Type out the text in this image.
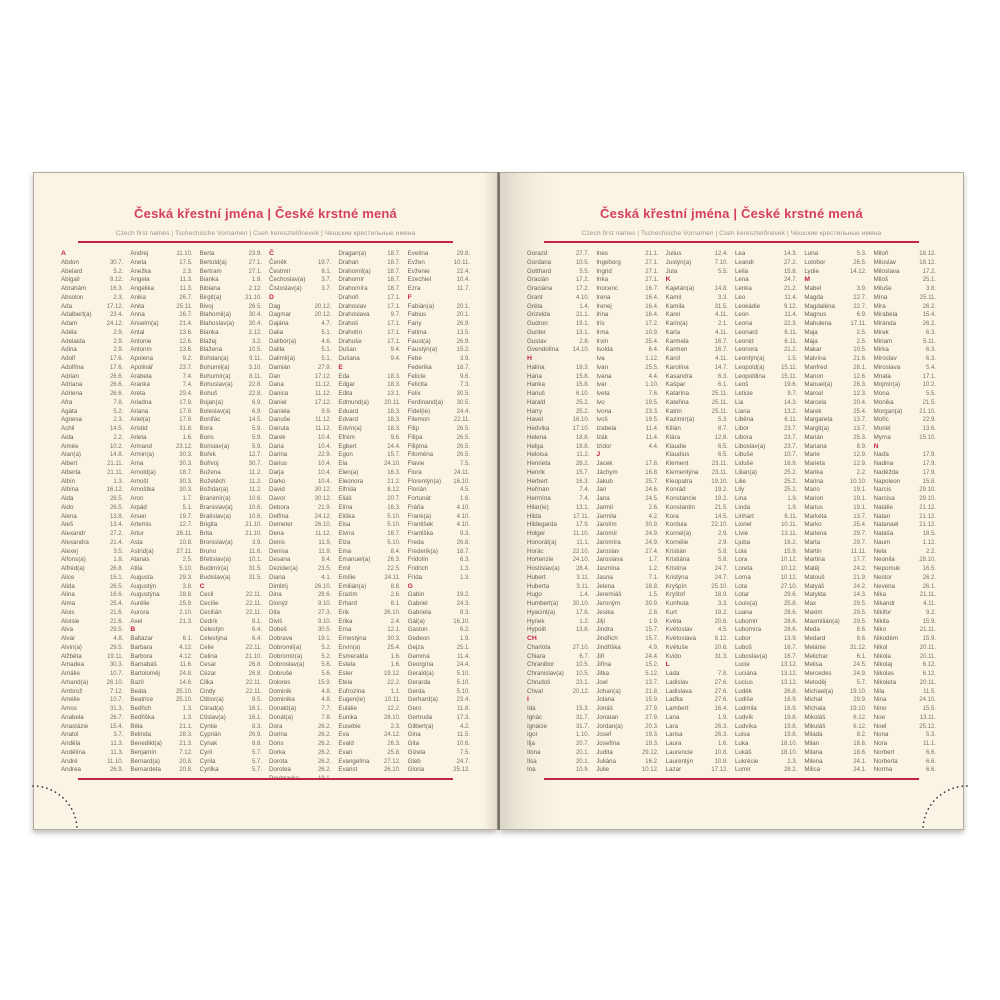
Česká křestní jména | České krstné mená
Czech first names | Tschechische Vornamen | Cseh keresztelőnevek | Чешские крестильные имена
A
Abdon	30.7.
Abelard	5.2.
Abigail	8.12.
Abrahám	16.3.
Absolon	2.3.
Ada	17.12.
Adalbert(a)	23.4.
Adam	24.12.
Adéla	2.9.
Adelaida	2.9.
Adina	2.9.
Adolf	17.6.
Adolfína	17.6.
Adrian	26.6.
Adriana	26.6.
Adriena	26.6.
Afra	7.8.
Agáta	5.2.
Agnesa	2.3.
Achil	14.5.
Aida	2.2.
Aimée	10.2.
Alan(a)	14.8.
Albert	21.11.
Alberta	21.11.
Albín	1.3.
Albína	16.12.
Alda	26.5.
Aldo	26.5.
Alena	13.8.
Aleš	13.4.
Alexandr	27.2.
Alexandra	21.4.
Alexej	3.5.
Alfons(a)	1.8.
Alfréd(a)	26.8.
Alice	15.1.
Alida	26.5.
Alina	16.6.
Alma	25.4.
Alois	21.6.
Aloisie	21.6.
Alva	29.5.
Alvar	4.8.
Alvin(a)	29.5.
Alžběta	19.11.
Amadea	30.3.
Amálie	10.7.
Amand(a)	26.10.
Ambrož	7.12.
Amélie	10.7.
Amos	31.3.
Anabela	26.7.
Anastázie	15.4.
Anatol	3.7.
Anděla	11.3.
Andělína	11.3.
André	11.10.
Andrea	26.9.
Andrej	11.10.
Aneta	17.5.
Anežka	2.3.
Angela	11.3.
Angelika	11.3.
Anika	26.7.
Anita	25.11.
Anna	26.7.
Anselm(a)	21.4.
Antal	13.6.
Antonie	12.6.
Antonín	13.6.
Apolena	9.2.
Apolinář	23.7.
Arabela	7.4.
Aranka	7.4.
Areta	29.4.
Ariadna	17.9.
Ariana	17.9.
Ariel(a)	17.9.
Aristid	31.8.
Arleta	1.6.
Armand	23.12.
Armin(a)	30.3.
Arna	30.3.
Arnold(a)	18.7.
Arnošt	30.3.
Arnoštka	30.3.
Aron	1.7.
Arpád	5.1.
Arsen	19.7.
Artemis	12.7.
Artur	26.11.
Asta	10.8.
Astrid(a)	27.11.
Atanas	2.5.
Atila	5.10.
Augusta	29.3.
Augustýn	3.8.
Augustýna	28.8.
Aurélie	25.9.
Aurora	2.10.
Axel	21.3.
B
Baltazar	6.1.
Barbara	4.12.
Barbora	4.12.
Barnabáš	11.6.
Bartoloměj	24.8.
Bazil	14.6.
Beáta	25.10.
Beatrice	25.10.
Bedřich	1.3.
Bedřiška	1.3.
Běla	21.1.
Belinda	28.3.
Benedikt(a)	21.3.
Benjamín	7.12.
Bernard(a)	20.8.
Bernardeta	20.8.
Berta	23.9.
Bertold(a)	27.1.
Bertram	27.1.
Bianka	1.9.
Bibiana	2.12.
Birgit(a)	21.10.
Bivoj	26.5.
Blahomil(a)	30.4.
Blahoslav(a) 30.4.
Blanka	2.12.
Blažej	3.2.
Blažena	10.5.
Bohdan(a)	9.11.
Bohumil(a)	3.10.
Bohumír(a)	8.11.
Bohuslav(a)	22.8.
Bohuš	22.8.
Bojan(a)	6.9.
Boleslav(a)	6.9.
Bonifác	14.5.
Bora	5.9.
Boris	5.9.
Borislav(a)	5.9.
Bořek	12.7.
Bořivoj	30.7.
Božena	11.2.
Božetěch	11.2.
Božidar(a)	11.2.
Branimír(a)	10.6.
Branislav(a)	10.6.
Bratislav(a)	10.6.
Brigita	21.10.
Brita	21.10.
Bronislav(a)	3.9.
Bruno	11.6.
Břetislav(a)	10.1.
Budimír(a)	31.5.
Budislav(a)	31.5.
C
Cecil	22.11.
Cecílie	22.11.
Cecilián	22.11.
Cedrik	8.1.
Celestýn	6.4.
Celestýna	6.4.
Celie	22.11.
Celina	21.10.
Cesar	26.8.
Cézar	26.8.
Cilka	22.11.
Cindy	22.11.
Ctibor(a)	9.5.
Ctirad(a)	16.1.
Ctislav(a)	16.1.
Cyntie	8.3.
Cyprián	26.9.
Cyriak	8.8.
Cyril	5.7.
Cyrila	5.7.
Cyrilka	5.7.
Č
Čeněk	19.7.
Čestmír	8.1.
Čechoslav(a)	3.7.
Čistoslav(a)	3.7.
D
Dag	20.12.
Dagmar	20.12.
Dajána	4.7.
Dalia	5.1.
Dalibor(a)	4.6.
Dalila	5.1.
Dalimil(a)	5.1.
Damián	27.9.
Dan	17.12.
Dana	11.12.
Danica	11.12.
Daniel	17.12.
Daniela	9.9.
Danuše	11.12.
Danuta	11.12.
Darek	10.4.
Daria	10.4.
Darina	22.9.
Darius	10.4.
Darja	10.4.
Darko	10.4.
David	30.12.
Davor	30.12.
Debora	21.9.
Delfína	24.12.
Demeter	26.10.
Dena	11.12.
Denis	11.9.
Denisa	11.9.
Desana	9.4.
Dezider(a)	23.5.
Diana	4.1.
Dimitrij	26.10.
Dina	28.6.
Dionýz	9.10.
Dita	27.3.
Diviš	9.10.
Dobeš	30.5.
Dobrava	19.1.
Dobromil(a)	5.2.
Dobromír(a)	5.2.
Dobroslav(a)	5.6.
Dobruše	5.6.
Dolores	15.9.
Dominik	4.8.
Dominika	4.8.
Donald(a)	7.7.
Donát(a)	7.8.
Dora	26.2.
Dorina	26.2.
Doris	26.2.
Dorka	26.2.
Dorota	26.2.
Dorotea	26.2.
Dragan(a)	18.7.
Drahan	18.7.
Drahomil(a)	18.7.
Drahomír	18.7.
Drahomíra	18.7.
Drahoň	17.1.
Drahoslav	17.1.
Drahoslava	9.7.
Drahoš	17.1.
Drahotín	17.1.
Drahuše	17.1.
Dušan	9.4.
Dušana	9.4.
E
Eda	18.3.
Edgar	18.3.
Edita	13.1.
Edmund(a)	20.11.
Eduard	18.3.
Edvard	18.3.
Edvín(a)	18.3.
Efrém	9.6.
Egbert	24.4.
Egon	15.7.
Ela	24.10.
Elen(a)	16.3.
Eleonora	21.2.
Elfrída	8.12.
Eliáš	20.7.
Elína	16.3.
Eliška	5.10.
Elsa	5.10.
Elvíra	16.7.
Elza	5.10.
Ema	8.4.
Emanuel(a)	26.3.
Emil	22.5.
Emílie	24.11.
Emilián(a)	8.8.
Erazim	2.6.
Erhard	8.1.
Erik	26.10.
Erika	2.4.
Erna	12.1.
Ernestýna	30.3.
Ervín(a)	25.4.
Esmeralda	1.6.
Estela	1.6.
Ester	19.12.
Etela	22.2.
Eufrozína	1.1.
Eugen(ie)	10.11.
Eulálie	12.2.
Eunika	28.10.
Eusebie	2.3.
Eva	24.12.
Evald	26.3.
Evan	25.8.
Evangelína 27.12.
Evarist	26.10.
Evelína	29.8.
Evžen	10.11.
Evženie	22.4.
Ezechiel	10.4.
Ezra	11.7.
F
Fabián(a)	20.1.
Fabius	20.1.
Fany	26.9.
Fatima	13.5.
Faust(a)	26.9.
Faustýn(a)	15.2.
Febe	3.9.
Federika	18.7.
Felicie	9.6.
Felicita	7.3.
Felix	30.5.
Ferdinand(a) 30.5.
Fidel(ie)	24.4.
Filemon	22.11.
Filip	26.5.
Filipa	26.5.
Filipína	26.5.
Filoména	26.5.
Flavie	7.5.
Flora	24.11.
Florentýn(a) 16.10.
Florián	4.5.
Fortunát	1.6.
Fráňa	4.10.
Frank(a)	4.10.
František	4.10.
Františka	9.3.
Freda	26.8.
Frederik(a)	18.7.
Fridolín	6.3.
Fridrich	1.3.
Frída	1.3.
G
Gabin	19.2.
Gabriel	24.3.
Gabriela	8.3.
Gál(a)	16.10.
Gaston	6.2.
Gedeon	1.9.
Gejza	25.1.
Gemma	11.4.
Georgína	24.4.
Gerald(a)	5.10.
Gerarda	5.10.
Gerda	5.10.
Gerhard(a)	23.4.
Gero	11.8.
Gertruda	17.3.
Gilbert(a)	4.2.
Gina	11.5.
Gita	10.6.
Gizela	7.5.
Gleb	24.7.
Gloria	25.12.
Česká křestní jména | České krstné mená
Czech first names | Tschechische Vornamen | Cseh keresztelőnevek | Чешские крестильные имена
Gorazd	27.7.
Gordana	10.5.
Gotthard	5.5.
Gracián	17.2.
Graciána	17.2.
Grant	4.10.
Gréta	1.4.
Grizelda	21.1.
Gudrun	19.1.
Gunter	13.1.
Gustav	2.8.
Gvendolína 14.10.
H
Halina	19.3.
Hana	15.8.
Hanka	15.8.
Hanuš	6.10.
Harald	25.2.
Harry	25.2.
Havel	16.10.
Hedvika	17.10.
Helena	18.8.
Helga	18.8.
Heloisa	11.2.
Henrieta	28.2.
Henrik	15.7.
Herbert	16.3.
Heřman	7.4.
Hermína	7.4.
Hilar(ie)	13.1.
Hilda	17.11.
Hildegarda	17.9.
Holger	11.10.
Honorát(a)	11.1.
Horác	22.10.
Hortenzie	24.10.
Hostislav(a)	28.4.
Hubert	3.11.
Huberta	3.11.
Hugo	1.4.
Humbert(a) 30.10.
Hyacint(a)	17.8.
Hynek	1.2.
Hypolit	13.8.
CH
Charlota	27.10.
Chiara	6.7.
Chranibor	10.5.
Chranislav(a) 10.5.
Chrudoš	23.1.
Chval	20.12.
I
Ida	15.3.
Ignác	31.7.
Ignácie	31.7.
Igor	1.10.
Ilja	20.7.
Ilona	20.1.
Ilsa	20.1.
Ina	10.9.
Ines	21.1.
Ingeborg	27.1.
Ingrid	27.1.
Inka	27.1.
Inocenc	16.7.
Irena	16.4.
Irenej	16.4.
Irina	16.4.
Iris	17.2.
Irma	10.9.
Irvin	25.4.
Isolda	6.4.
Iva	1.12.
Ivan	25.5.
Ivana	4.4.
Ivar	1.10.
Iveta	7.6.
Ivo	19.5.
Ivona	23.3.
Ivoš	19.5.
Izabela	11.4.
Izák	11.4.
Izidor	4.4.
J
Jacek	17.8.
Jáchym	16.8.
Jakub	25.7.
Jan	24.6.
Jana	24.5.
Jarmil	2.6.
Jarmila	4.2.
Jarolím	30.9.
Jaromír	24.9.
Jaromíra	24.9.
Jaroslav	27.4.
Jaroslava	1.7.
Jasmína	1.2.
Jasna	7.1.
Jelena	18.8.
Jeremiáš	1.5.
Jeroným	30.9.
Jesika	2.8.
Jiljí	1.9.
Jindra	15.7.
Jindřich	15.7.
Jindřiška	4.9.
Jiří	24.4.
Jiřina	15.2.
Jitka	5.12.
Joel	13.7.
Johan(a)	21.8.
Jolana	15.9.
Jonáš	27.9.
Jonatan	27.9.
Jordan(a)	20.3.
Josef	19.3.
Josefína	19.3.
Judita	29.12.
Juliána	16.2.
Julie	10.12.
Julius	12.4.
Justýn(a)	7.10.
Juta	5.5.
K
Kajetán(a)	14.8.
Kamil	3.3.
Kamila	31.5.
Karel	4.11.
Karin(a)	2.1.
Karla	4.11.
Karmela	16.7.
Karmen	16.7.
Karol	4.11.
Karolína	14.7.
Kasandra	6.3.
Kašpar	6.1.
Katarína	25.11.
Kateřina	25.11.
Katrin	25.11.
Kazimír(a)	5.3.
Kilián	8.7.
Klára	12.8.
Klaudie	6.5.
Klaudius	6.5.
Klement	23.11.
Klementýna 23.11.
Kleopatra	19.10.
Konrád	19.2.
Konstancie	19.2.
Konstantin	21.5.
Kora	14.5.
Kordula	22.10.
Kornel(a)	2.9.
Kornélie	2.9.
Kristián	5.8.
Kristiána	5.8.
Kristina	24.7.
Kristýna	24.7.
Kryšpín	25.10.
Kryštof	18.9.
Kunhuta	3.3.
Kurt	19.2.
Květa	20.6.
Květoslav	4.5.
Květoslava	8.12.
Květuše	20.6.
Kvido	31.3.
L
Lada	7.8.
Ladislav	27.6.
Ladislava	27.6.
Laďka	27.6.
Lambert	16.4.
Lana	1.9.
Lara	26.3.
Larisa	26.3.
Laura	1.6.
Laurencie	10.8.
Laurentýn	10.8.
Lazar	17.12.
Lea	14.3.
Leandr	27.2.
Leila	15.8.
Lena	24.7.
Lenka	21.2.
Leo	11.4.
Leokádie	9.12.
Leon	11.4.
Leona	22.3.
Leonard	6.11.
Leonid	6.11.
Leonora	21.2.
Leontýn(a)	1.5.
Leopold(a)	15.11.
Leopoldina	15.11.
Leoš	19.6.
Leticie	9.7.
Lia	14.3.
Liana	13.2.
Liběna	6.11.
Libor	23.7.
Libora	23.7.
Liboslav(a)	23.7.
Libuše	10.7.
Liduše	16.9.
Lilian(a)	25.2.
Lilie	25.2.
Lily	25.2.
Lina	1.9.
Linda	1.9.
Linhart	6.11.
Lionel	10.11.
Lívie	13.11.
Ljuba	16.2.
Lola	15.9.
Lora	10.12.
Loreta	10.12.
Lorna	10.12.
Lota	27.10.
Lotar	29.6.
Louis(a)	25.8.
Luana	28.6.
Lubomír	28.6.
Lubomíra	28.6.
Lubor	13.9.
Luboš	16.7.
Luboslav(a)	16.7.
Lucie	13.12.
Luciána	13.12.
Lucius	13.12.
Luděk	26.8.
Ludiše	16.9.
Ludmila	16.9.
Ludvík	19.8.
Ludvíka	19.8.
Luisa	19.8.
Luka	18.10.
Lukáš	18.10.
Lukrécie	2.3.
Lumír	28.2.
Luna	5.3.
Lutobor	26.5.
Lydie	14.12.
M
Mabel	3.9.
Magda	22.7.
Magdaléna	22.7.
Magnus	6.9.
Mahulena	17.11.
Maja	2.5.
Mája	2.5.
Makar	10.5.
Malvína	21.6.
Manfred	28.1.
Manon	12.6.
Manuel(a)	26.3.
Marcel	12.3.
Marcela	20.4.
Marek	25.4.
Margareta	13.7.
Margit(a)	13.7.
Marián	25.3.
Mariana	8.9.
Marie	12.9.
Marieta	12.9.
Marika	2.2.
Marina	10.10.
Mario	19.1.
Marion	19.1.
Marius	19.1.
Markéta	13.7.
Marko	25.4.
Marlena	29.7.
Marta	29.7.
Martin	11.11.
Martina	17.7.
Matěj	24.2.
Matouš	21.9.
Matyáš	24.2.
Matylda	14.3.
Max	29.5.
Maxim	29.5.
Maxmilián(a) 29.5.
Meda	8.6.
Medard	8.6.
Melánie	31.12.
Melichar	6.1.
Melisa	24.5.
Mercedes	24.9.
Metoděj	5.7.
Michael(a)	19.10.
Michal	29.9.
Michala	19.10.
Mikoláš	6.12.
Mikuláš	6.12.
Milada	8.2.
Milan	18.6.
Milana	18.6.
Milena	24.1.
Milica	24.1.
Miloň	18.12.
Miloslav	18.12.
Miloslava	17.2.
Miloš	25.1.
Miluše	3.8.
Mína	25.11.
Mira	26.2.
Mirabela	15.4.
Miranda	26.2.
Mirek	6.3.
Miriam	5.11.
Mirka	6.3.
Miroslav	6.3.
Miroslava	5.4.
Mnata	17.1.
Mojmír(a)	10.2.
Mona	5.5.
Monika	21.5.
Morgan(a)	21.10.
Mořic	22.9.
Muriel	13.6.
Myrna	15.10.
N
Naďa	17.9.
Nadina	17.9.
Naděžda	17.9.
Napoleon	15.8.
Narcis	29.10.
Narcisa	29.10.
Natálie	21.12.
Natan	21.12.
Natanael	21.12.
Nataša	18.5.
Naum	1.12.
Nela	2.2.
Neonila	28.10.
Nepomuk	16.5.
Nestor	26.2.
Nevena	26.1.
Nika	21.11.
Nikandr	4.11.
Nikifor	9.2.
Nikita	15.9.
Niko	21.11.
Nikodém	15.9.
Nikol	20.11.
Nikola	20.11.
Nikolaj	6.12.
Nikolas	6.12.
Nikoleta	20.11.
Nila	11.5.
Nina	24.10.
Nino	15.5.
Noe	13.11.
Noel	25.12.
Nona	5.3.
Nora	11.1.
Norbert	6.6.
Norberta	6.6.
Norma	6.6.
